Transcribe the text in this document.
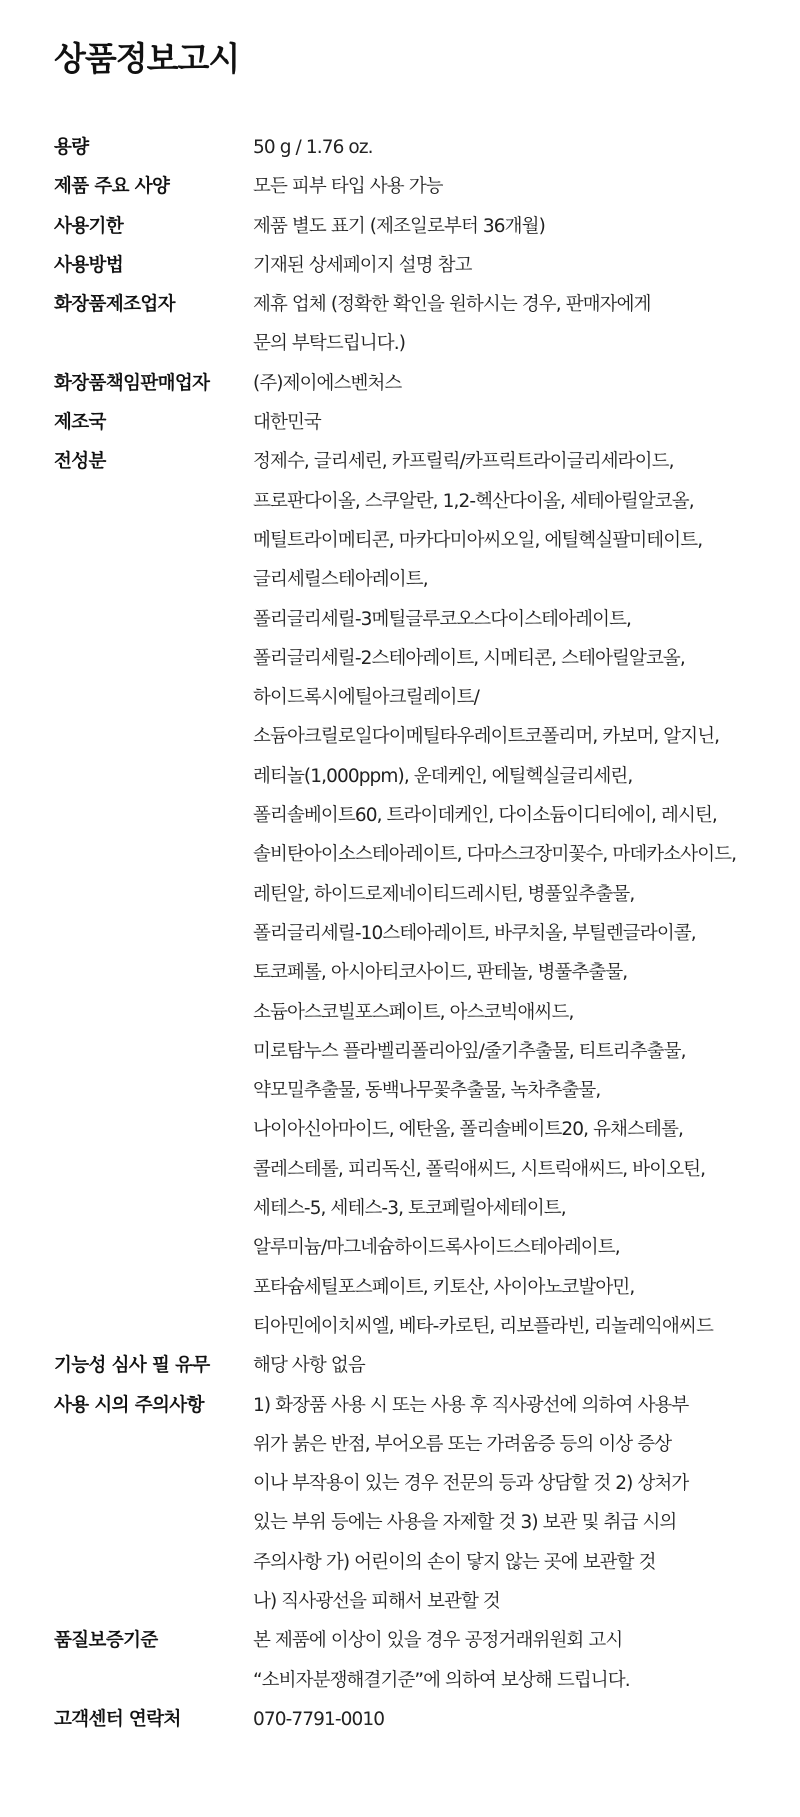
상품정보고시
용량	50 g / 1.76 oz.
제품 주요 사양	모든 피부 타입 사용 가능
사용기한	제품 별도 표기 (제조일로부터 36개월)
사용방법	기재된 상세페이지 설명 참고
화장품제조업자	제휴 업체 (정확한 확인을 원하시는 경우, 판매자에게
문의 부탁드립니다.)
화장품책임판매업자	(주)제이에스벤처스
제조국	대한민국
전성분	정제수, 글리세린, 카프릴릭/카프릭트라이글리세라이드,
프로판다이올, 스쿠알란, 1,2-헥산다이올, 세테아릴알코올,
메틸트라이메티콘, 마카다미아씨오일, 에틸헥실팔미테이트,
글리세릴스테아레이트,
폴리글리세릴-3메틸글루코오스다이스테아레이트,
폴리글리세릴-2스테아레이트, 시메티콘, 스테아릴알코올,
하이드록시에틸아크릴레이트/
소듐아크릴로일다이메틸타우레이트코폴리머, 카보머, 알지닌,
레티놀(1,000ppm), 운데케인, 에틸헥실글리세린,
폴리솔베이트60, 트라이데케인, 다이소듐이디티에이, 레시틴,
솔비탄아이소스테아레이트, 다마스크장미꽃수, 마데카소사이드,
레틴알, 하이드로제네이티드레시틴, 병풀잎추출물,
폴리글리세릴-10스테아레이트, 바쿠치올, 부틸렌글라이콜,
토코페롤, 아시아티코사이드, 판테놀, 병풀추출물,
소듐아스코빌포스페이트, 아스코빅애씨드,
미로탐누스 플라벨리폴리아잎/줄기추출물, 티트리추출물,
약모밀추출물, 동백나무꽃추출물, 녹차추출물,
나이아신아마이드, 에탄올, 폴리솔베이트20, 유채스테롤,
콜레스테롤, 피리독신, 폴릭애씨드, 시트릭애씨드, 바이오틴,
세테스-5, 세테스-3, 토코페릴아세테이트,
알루미늄/마그네슘하이드록사이드스테아레이트,
포타슘세틸포스페이트, 키토산, 사이아노코발아민,
티아민에이치씨엘, 베타-카로틴, 리보플라빈, 리놀레익애씨드
기능성 심사 필 유무	해당 사항 없음
사용 시의 주의사항	1) 화장품 사용 시 또는 사용 후 직사광선에 의하여 사용부
위가 붉은 반점, 부어오름 또는 가려움증 등의 이상 증상
이나 부작용이 있는 경우 전문의 등과 상담할 것 2) 상처가
있는 부위 등에는 사용을 자제할 것 3) 보관 및 취급 시의
주의사항 가) 어린이의 손이 닿지 않는 곳에 보관할 것
나) 직사광선을 피해서 보관할 것
품질보증기준	본 제품에 이상이 있을 경우 공정거래위원회 고시
“소비자분쟁해결기준”에 의하여 보상해 드립니다.
고객센터 연락처	070-7791-0010
